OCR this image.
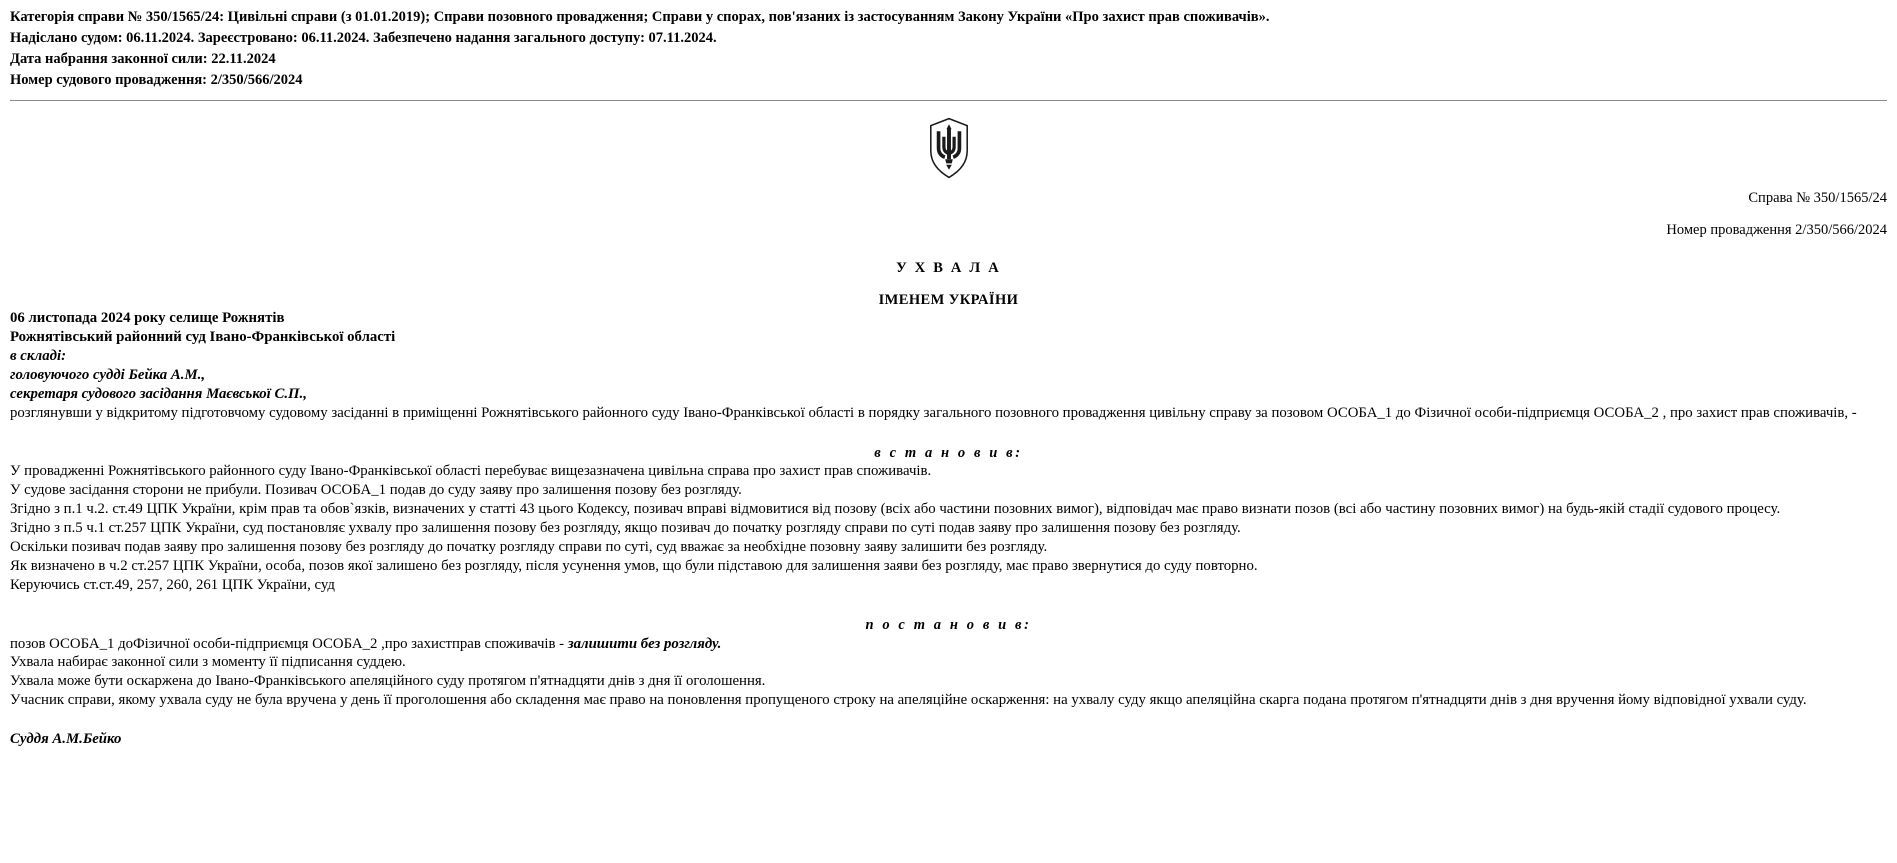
Категорія справи № 350/1565/24: Цивільні справи (з 01.01.2019); Справи позовного провадження; Справи у спорах, пов'язаних із застосуванням Закону України «Про захист прав споживачів».
Надіслано судом: 06.11.2024. Зареєстровано: 06.11.2024. Забезпечено надання загального доступу: 07.11.2024.
Дата набрання законної сили: 22.11.2024
Номер судового провадження: 2/350/566/2024
Справа № 350/1565/24
Номер провадження 2/350/566/2024
У Х В А Л А
ІМЕНЕМ УКРАЇНИ

06 листопада 2024 року селище Рожнятів

Рожнятівський районний суд Івано-Франківської області

в складі:

головуючого судді Бейка А.М.,

секретаря судового засідання Маєвської С.П.,

розглянувши у відкритому підготовчому судовому засіданні в приміщенні Рожнятівського районного суду Івано-Франківської області в порядку загального позовного провадження цивільну справу за позовом ОСОБА_1 до Фізичної особи-підприємця ОСОБА_2 , про захист прав споживачів, -

в с т а н о в и в:

У провадженні Рожнятівського районного суду Івано-Франківської області перебуває вищезазначена цивільна справа про захист прав споживачів.

У судове засідання сторони не прибули. Позивач ОСОБА_1 подав до суду заяву про залишення позову без розгляду.

Згідно з п.1 ч.2. ст.49 ЦПК України, крім прав та обов`язків, визначених у статті 43 цього Кодексу, позивач вправі відмовитися від позову (всіх або частини позовних вимог), відповідач має право визнати позов (всі або частину позовних вимог) на будь-якій стадії судового процесу.

Згідно з п.5 ч.1 ст.257 ЦПК України, суд постановляє ухвалу про залишення позову без розгляду, якщо позивач до початку розгляду справи по суті подав заяву про залишення позову без розгляду.

Оскільки позивач подав заяву про залишення позову без розгляду до початку розгляду справи по суті, суд вважає за необхідне позовну заяву залишити без розгляду.

Як визначено в ч.2 ст.257 ЦПК України, особа, позов якої залишено без розгляду, після усунення умов, що були підставою для залишення заяви без розгляду, має право звернутися до суду повторно.

Керуючись ст.ст.49, 257, 260, 261 ЦПК України, суд

п о с т а н о в и в:

позов ОСОБА_1 доФізичної особи-підприємця ОСОБА_2 ,про захистправ споживачів - залишити без розгляду.

Ухвала набирає законної сили з моменту її підписання суддею.

Ухвала може бути оскаржена до Івано-Франківського апеляційного суду протягом п'ятнадцяти днів з дня її оголошення.

Учасник справи, якому ухвала суду не була вручена у день її проголошення або складення має право на поновлення пропущеного строку на апеляційне оскарження: на ухвалу суду якщо апеляційна скарга подана протягом п'ятнадцяти днів з дня вручення йому відповідної ухвали суду.

Суддя А.М.Бейко
